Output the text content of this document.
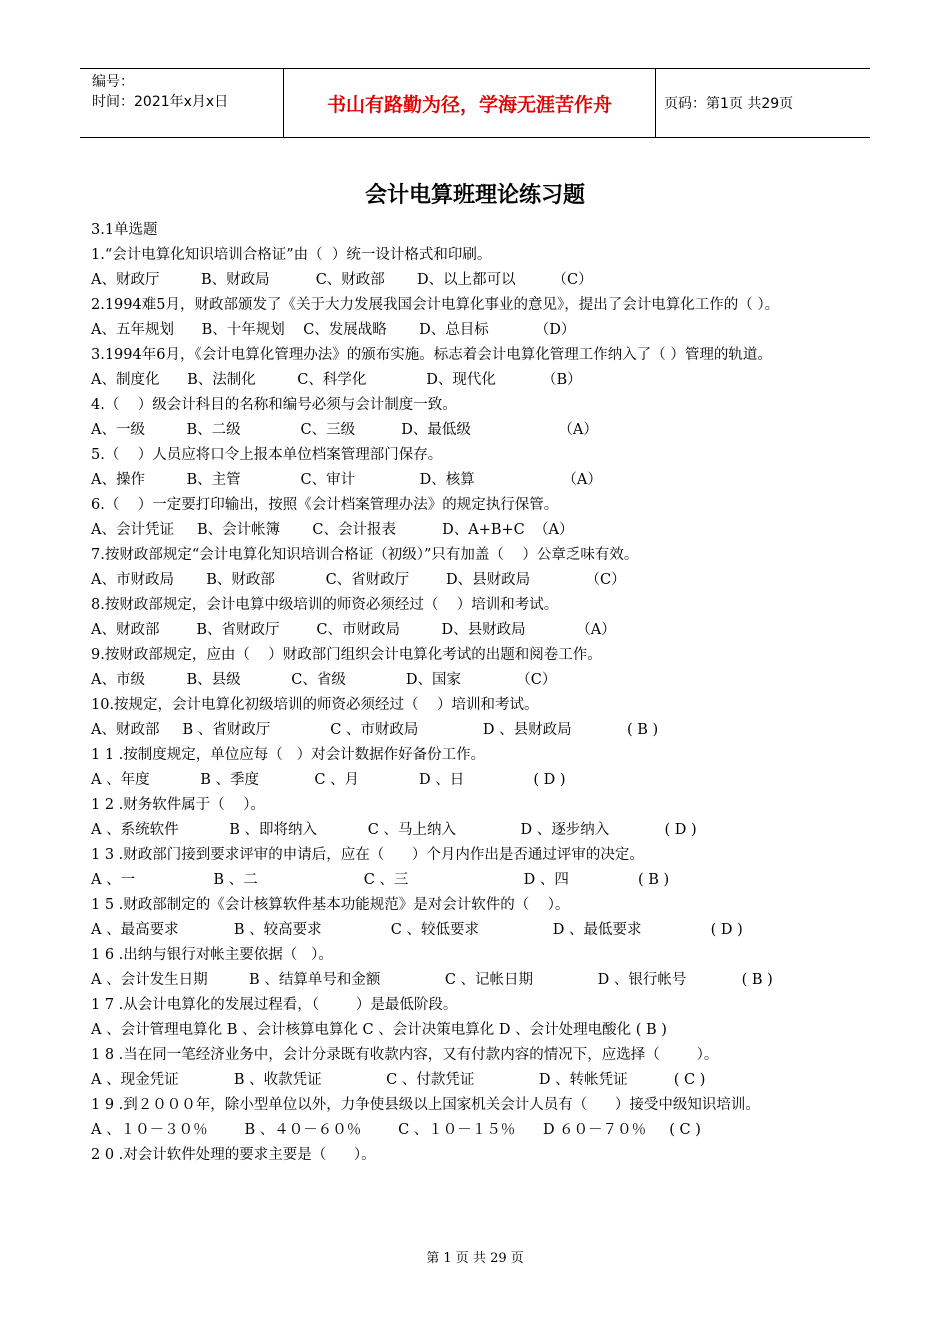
编号：
时间：2021年x月x日	书山有路勤为径，学海无涯苦作舟	页码：第1页 共29页
会计电算班理论练习题
3.1单选题
1.“会计电算化知识培训合格证”由（  ）统一设计格式和印刷。
A、财政厅         B、财政局          C、财政部       D、以上都可以        （C）
2.1994难5月，财政部颁发了《关于大力发展我国会计电算化事业的意见》，提出了会计电算化工作的（ ）。
A、五年规划      B、十年规划    C、发展战略       D、总目标          （D）
3.1994年6月，《会计电算化管理办法》的颁布实施。标志着会计电算化管理工作纳入了（ ）管理的轨道。
A、制度化      B、法制化         C、科学化             D、现代化          （B）
4.（    ）级会计科目的名称和编号必须与会计制度一致。
A、一级         B、二级             C、三级          D、最低级                   （A）
5.（    ）人员应将口令上报本单位档案管理部门保存。
A、操作         B、主管             C、审计              D、核算                   （A）
6.（    ）一定要打印输出，按照《会计档案管理办法》的规定执行保管。
A、会计凭证     B、会计帐簿       C、会计报表          D、A+B+C  （A）
7.按财政部规定“会计电算化知识培训合格证（初级）”只有加盖（    ）公章乏味有效。
A、市财政局       B、财政部           C、省财政厅        D、县财政局            （C）
8.按财政部规定，会计电算中级培训的师资必须经过（    ）培训和考试。
A、财政部        B、省财政厅        C、市财政局         D、县财政局           （A）
9.按财政部规定，应由（    ）财政部门组织会计电算化考试的出题和阅卷工作。
A、市级         B、县级           C、省级             D、国家            （C）
10.按规定，会计电算化初级培训的师资必须经过（    ）培训和考试。
A、财政部     B 、省财政厅             C 、市财政局              D 、县财政局            ( B )
1 1 .按制度规定，单位应每（   ）对会计数据作好备份工作。
A 、年度           B 、季度            C 、月             D 、日               ( D )
1 2 .财务软件属于（    ）。
A 、系统软件           B 、即将纳入           C 、马上纳入              D 、逐步纳入            ( D )
1 3 .财政部门接到要求评审的申请后，应在（      ）个月内作出是否通过评审的决定。
A 、一                 B 、二                       C 、三                         D 、四               ( B )
1 5 .财政部制定的《会计核算软件基本功能规范》是对会计软件的（    ）。
A 、最高要求            B 、较高要求               C 、较低要求                D 、最低要求               ( D )
1 6 .出纳与银行对帐主要依据（   ）。
A 、会计发生日期         B 、结算单号和金额              C 、记帐日期              D 、银行帐号            ( B )
1 7 .从会计电算化的发展过程看，（        ）是最低阶段。
A 、会计管理电算化 B 、会计核算电算化 C 、会计决策电算化 D 、会计处理电酸化 ( B )
1 8 .当在同一笔经济业务中，会计分录既有收款内容，又有付款内容的情况下，应选择（        ）。
A 、现金凭证            B 、收款凭证              C 、付款凭证              D 、转帐凭证          ( C )
1 9 .到２０００年，除小型单位以外，力争使县级以上国家机关会计人员有（      ）接受中级知识培训。
A 、１０－３０％        B 、４０－６０％        C 、１０－１５％      D ６０－７０％     ( C )
2 0 .对会计软件处理的要求主要是（      ）。
第 1 页 共 29 页
